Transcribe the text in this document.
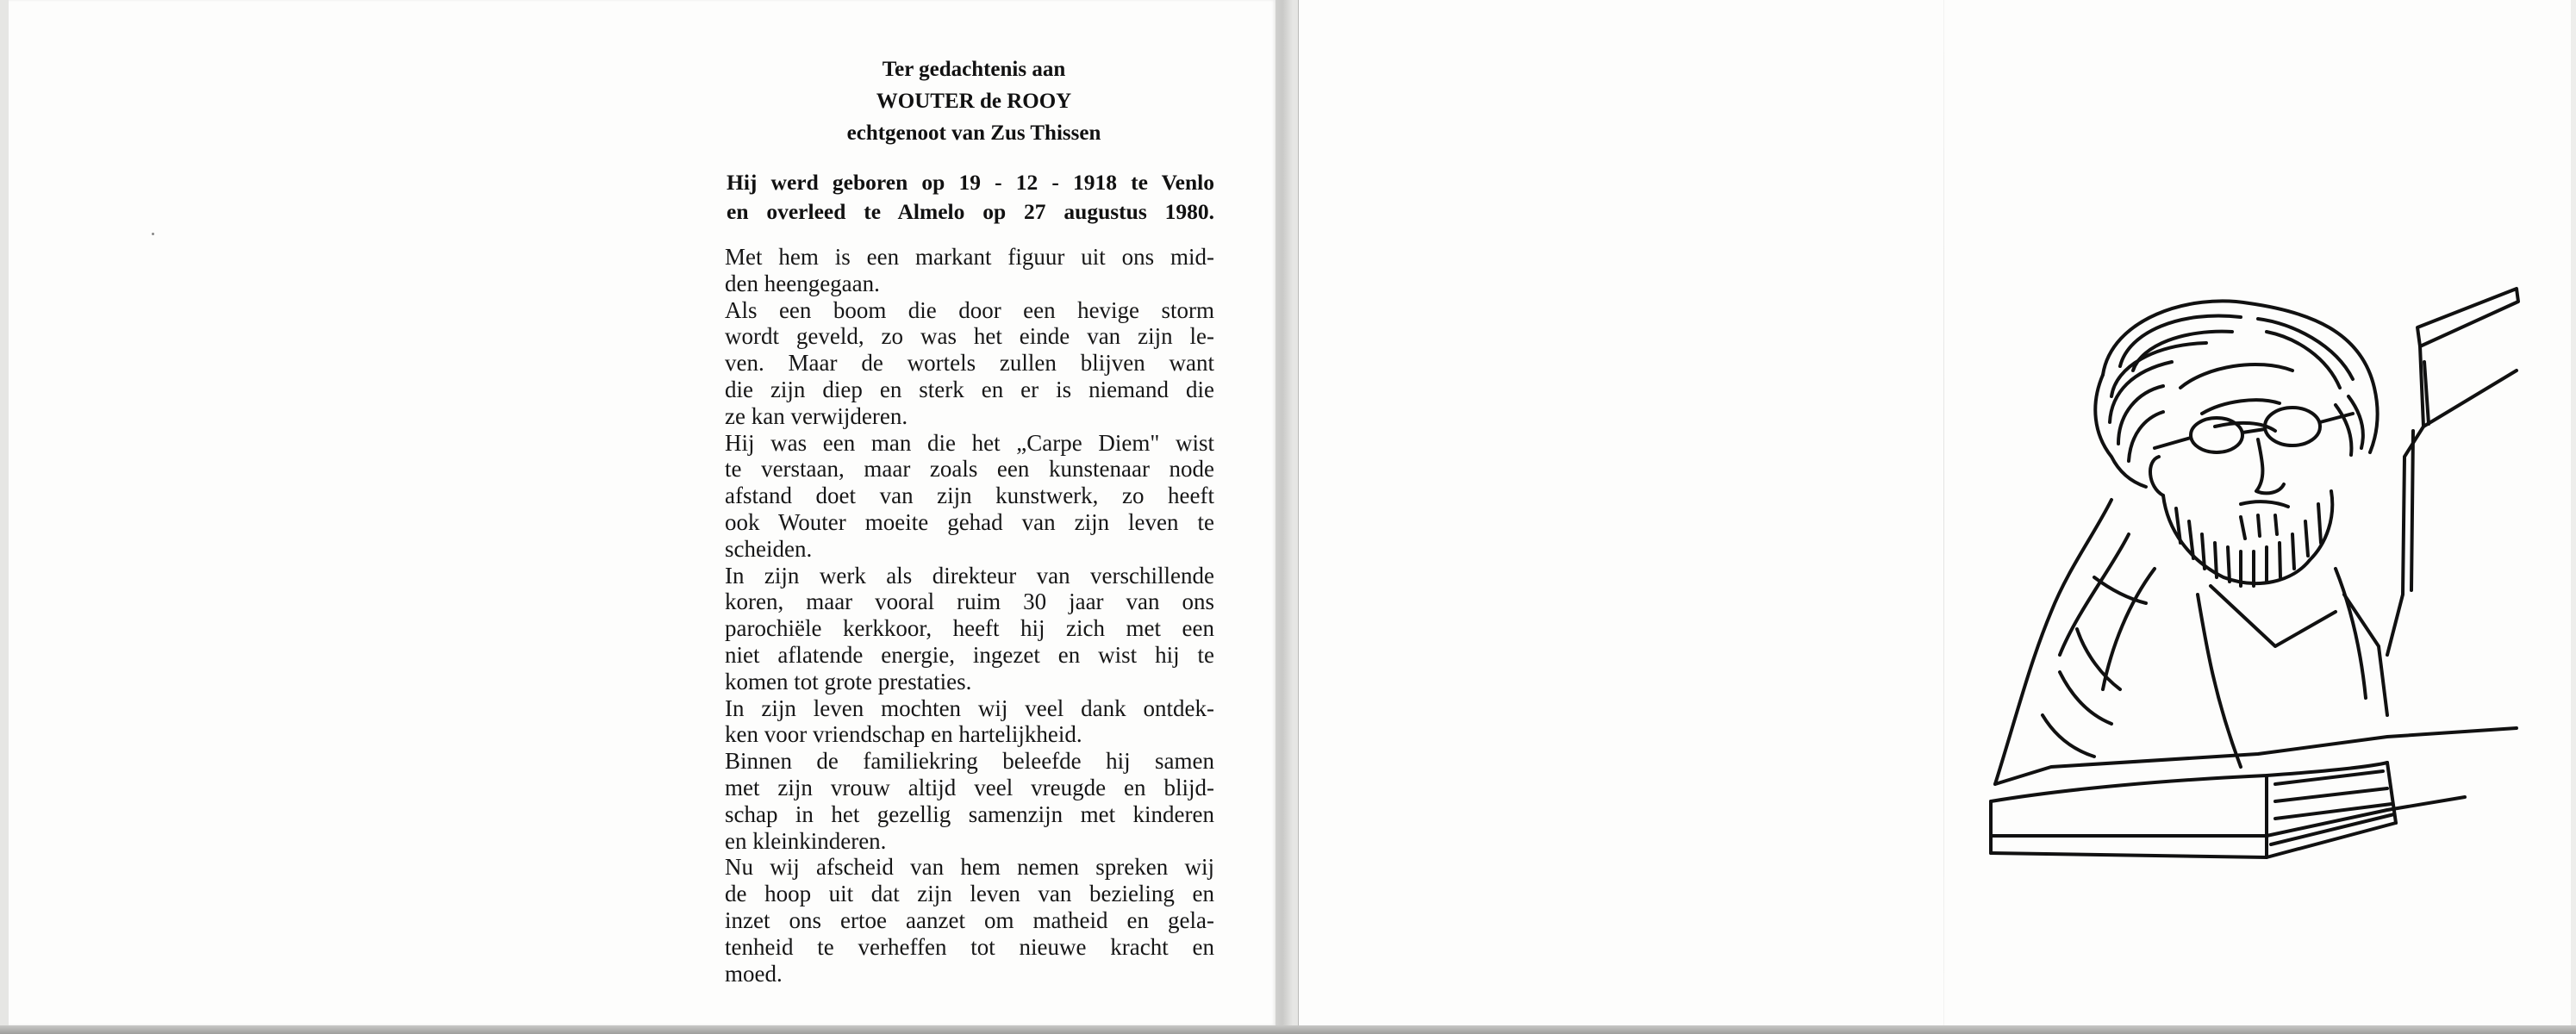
Ter gedachtenis aan
WOUTER de ROOY
echtgenoot van Zus Thissen
Hij werd geboren op 19 - 12 - 1918 te Venlo
en overleed te Almelo op 27 augustus 1980.
Met hem is een markant figuur uit ons mid-
den heengegaan.
Als een boom die door een hevige storm
wordt geveld, zo was het einde van zijn le-
ven. Maar de wortels zullen blijven want
die zijn diep en sterk en er is niemand die
ze kan verwijderen.
Hij was een man die het „Carpe Diem" wist
te verstaan, maar zoals een kunstenaar node
afstand doet van zijn kunstwerk, zo heeft
ook Wouter moeite gehad van zijn leven te
scheiden.
In zijn werk als direkteur van verschillende
koren, maar vooral ruim 30 jaar van ons
parochiële kerkkoor, heeft hij zich met een
niet aflatende energie, ingezet en wist hij te
komen tot grote prestaties.
In zijn leven mochten wij veel dank ontdek-
ken voor vriendschap en hartelijkheid.
Binnen de familiekring beleefde hij samen
met zijn vrouw altijd veel vreugde en blijd-
schap in het gezellig samenzijn met kinderen
en kleinkinderen.
Nu wij afscheid van hem nemen spreken wij
de hoop uit dat zijn leven van bezieling en
inzet ons ertoe aanzet om matheid en gela-
tenheid te verheffen tot nieuwe kracht en
moed.
